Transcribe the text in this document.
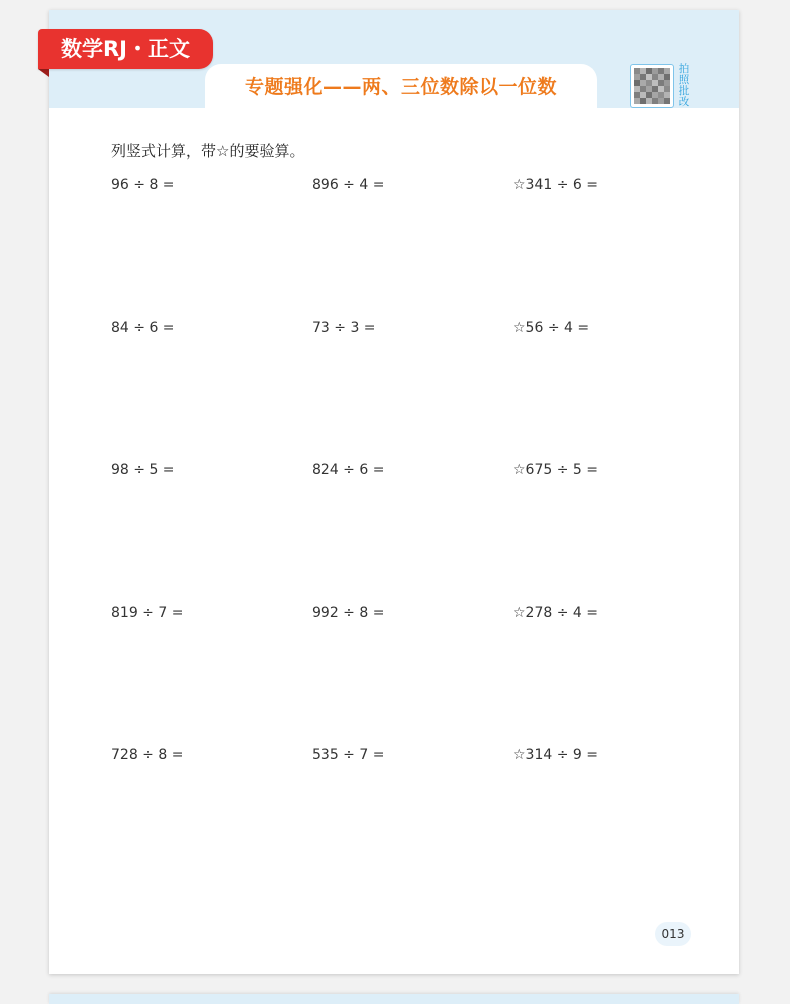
专题强化——两、三位数除以一位数
数学RJ・正文
拍
照
批
改
列竖式计算，带☆的要验算。
96 ÷ 8 =	896 ÷ 4 =	☆341 ÷ 6 =
84 ÷ 6 =	73 ÷ 3 =	☆56 ÷ 4 =
98 ÷ 5 =	824 ÷ 6 =	☆675 ÷ 5 =
819 ÷ 7 =	992 ÷ 8 =	☆278 ÷ 4 =
728 ÷ 8 =	535 ÷ 7 =	☆314 ÷ 9 =
013
